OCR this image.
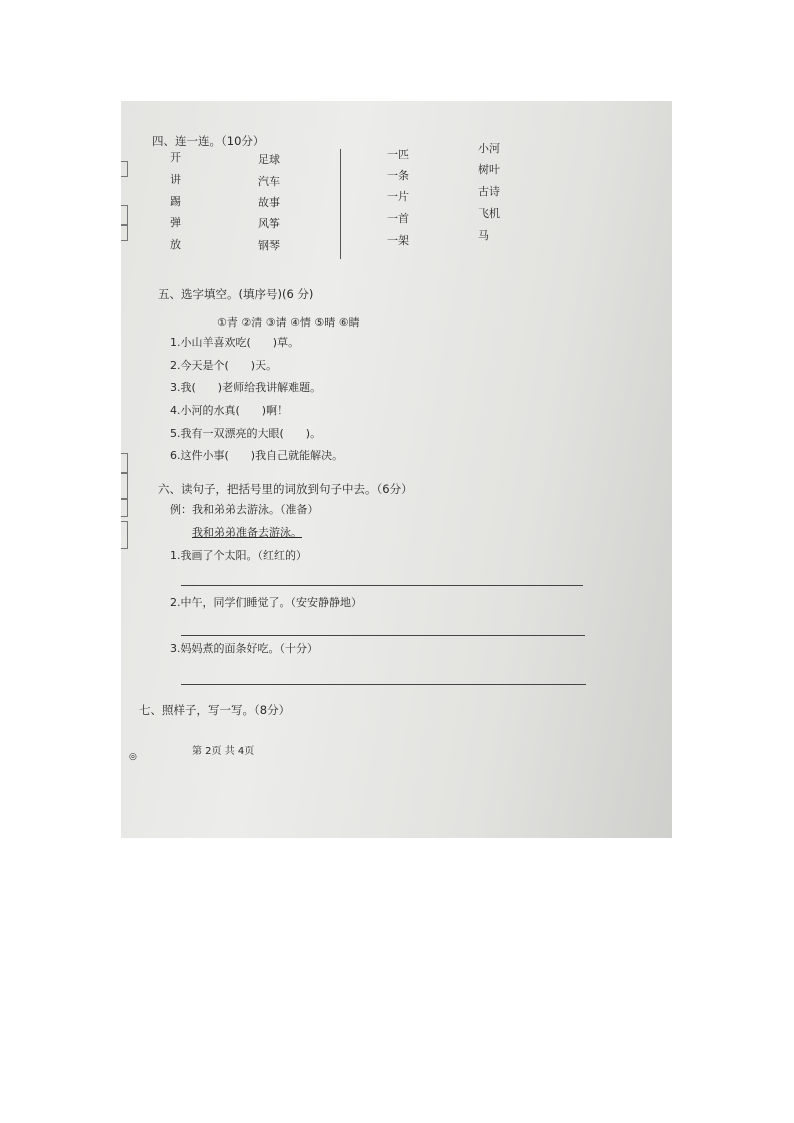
四、连一连。（10分）
开
讲
踢
弹
放
足球
汽车
故事
风筝
钢琴
一匹
一条
一片
一首
一架
小河
树叶
古诗
飞机
马
五、选字填空。(填序号)(6 分)
①青 ②清 ③请 ④情 ⑤晴 ⑥睛
1.小山羊喜欢吃(　　)草。
2.今天是个(　　)天。
3.我(　　)老师给我讲解难题。
4.小河的水真(　　)啊！
5.我有一双漂亮的大眼(　　)。
6.这件小事(　　)我自己就能解决。
六、读句子，把括号里的词放到句子中去。（6分）
例：我和弟弟去游泳。（准备）
我和弟弟准备去游泳。
1.我画了个太阳。（红红的）
2.中午，同学们睡觉了。（安安静静地）
3.妈妈煮的面条好吃。（十分）
七、照样子，写一写。（8分）
◎	第 2页 共 4页
